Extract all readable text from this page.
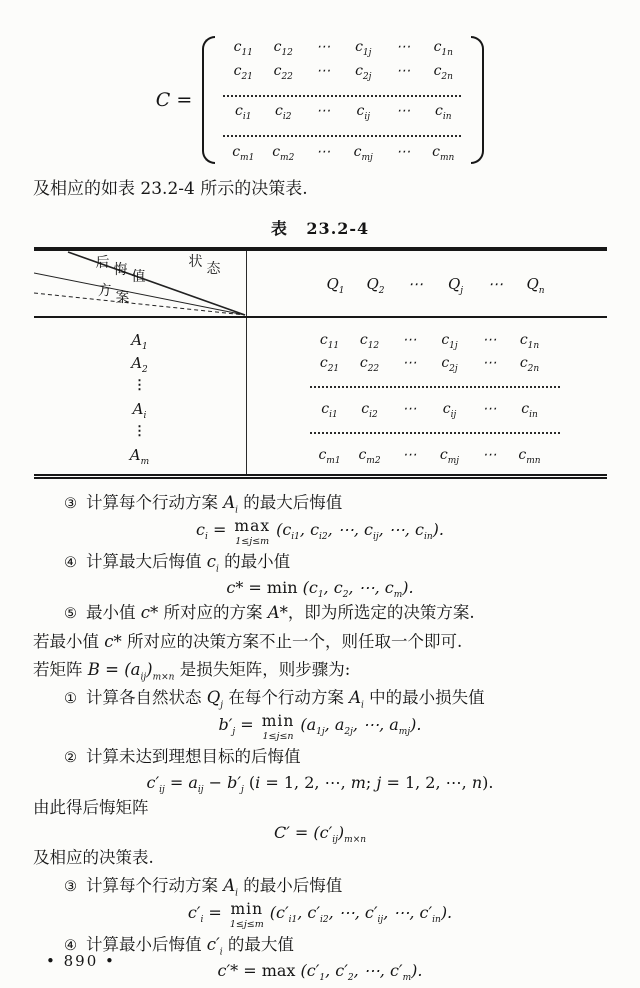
C =
$c_{11}$	$c_{12}$	⋯	$c_{1j}$	⋯	$c_{1n}$
$c_{21}$	$c_{22}$	⋯	$c_{2j}$	⋯	$c_{2n}$
$c_{i1}$	$c_{i2}$	⋯	$c_{ij}$	⋯	$c_{in}$
$c_{m1}$	$c_{m2}$	⋯	$c_{mj}$	⋯	$c_{mn}$

及相应的如表 23.2-4 所示的决策表.

表 23.2-4
后 悔 值
状 态
方 案
$Q_1$	$Q_2$	⋯	$Q_j$	⋯	$Q_n$
$A_1$	$c_{11}$	$c_{12}$	⋯	$c_{1j}$	⋯	$c_{1n}$
$A_2$	$c_{21}$	$c_{22}$	⋯	$c_{2j}$	⋯	$c_{2n}$
⋮
$A_i$	$c_{i1}$	$c_{i2}$	⋯	$c_{ij}$	⋯	$c_{in}$
⋮
$A_m$	$c_{m1}$	$c_{m2}$	⋯	$c_{mj}$	⋯	$c_{mn}$
③ 计算每个行动方案 $A_i$ 的最大后悔值
$c_i = \max$
1≤j≤m
($c_{i1}$, $c_{i2}$, ⋯, $c_{ij}$, ⋯, $c_{in}$).
④ 计算最大后悔值 $c_i$ 的最小值
$c* = \min (c_1$, $c_2$, ⋯, $c_m$).
⑤ 最小值 c* 所对应的方案 A*，即为所选定的决策方案.
若最小值 c* 所对应的决策方案不止一个，则任取一个即可.
若矩阵 $B = (a_{ij})_{m\times n}$ 是损失矩阵，则步骤为:
① 计算各自然状态 $Q_j$ 在每个行动方案 $A_i$ 中的最小损失值
$b'_j = \min$
1≤j≤n
($a_{1j}$, $a_{2j}$, ⋯, $a_{mj}$).
② 计算未达到理想目标的后悔值
$c'_{ij} = a_{ij} - b'_j$ (i = 1, 2, ⋯, m; j = 1, 2, ⋯, n).
由此得后悔矩阵
$C' = (c'_{ij})_{m\times n}$
及相应的决策表.
③ 计算每个行动方案 $A_i$ 的最小后悔值
$c'_i = \min$
1≤j≤m
($c'_{i1}$, $c'_{i2}$, ⋯, $c'_{ij}$, ⋯, $c'_{in}$).
④ 计算最小后悔值 $c'_i$ 的最大值
$c'* = \max (c'_1$, $c'_2$, ⋯, $c'_m$).
• 890 •
